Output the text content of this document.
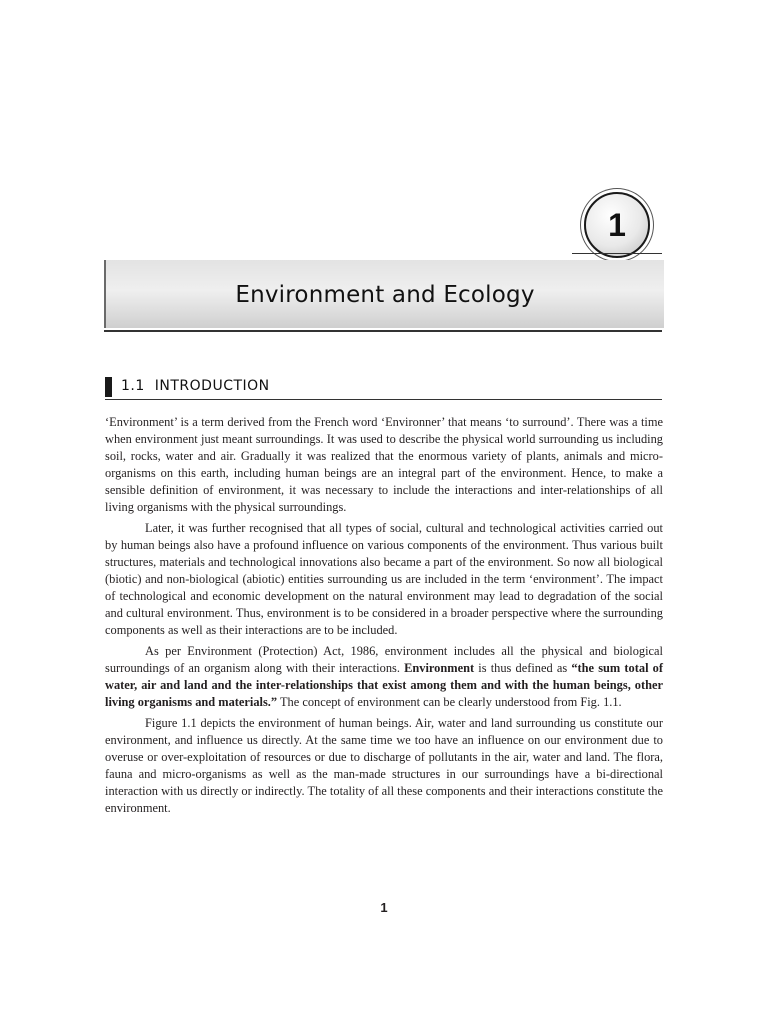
1
Environment and Ecology
1.1 INTRODUCTION

‘Environment’ is a term derived from the French word ‘Environner’ that means ‘to surround’. There was a time when environment just meant surroundings. It was used to describe the physical world surrounding us including soil, rocks, water and air. Gradually it was realized that the enormous variety of plants, animals and micro-organisms on this earth, including human beings are an integral part of the environment. Hence, to make a sensible definition of environment, it was necessary to include the interactions and inter-relationships of all living organisms with the physical surroundings.

Later, it was further recognised that all types of social, cultural and technological activities carried out by human beings also have a profound influence on various components of the environment. Thus various built structures, materials and technological innovations also became a part of the environment. So now all biological (biotic) and non-biological (abiotic) entities surrounding us are included in the term ‘environment’. The impact of technological and economic development on the natural environment may lead to degradation of the social and cultural environment. Thus, environment is to be considered in a broader perspective where the surrounding components as well as their interactions are to be included.

As per Environment (Protection) Act, 1986, environment includes all the physical and biological surroundings of an organism along with their interactions. Environment is thus defined as “the sum total of water, air and land and the inter-relationships that exist among them and with the human beings, other living organisms and materials.” The concept of environment can be clearly understood from Fig. 1.1.

Figure 1.1 depicts the environment of human beings. Air, water and land surrounding us constitute our environment, and influence us directly. At the same time we too have an influence on our environment due to overuse or over-exploitation of resources or due to discharge of pollutants in the air, water and land. The flora, fauna and micro-organisms as well as the man-made structures in our surroundings have a bi-directional interaction with us directly or indirectly. The totality of all these components and their interactions constitute the environment.

1
